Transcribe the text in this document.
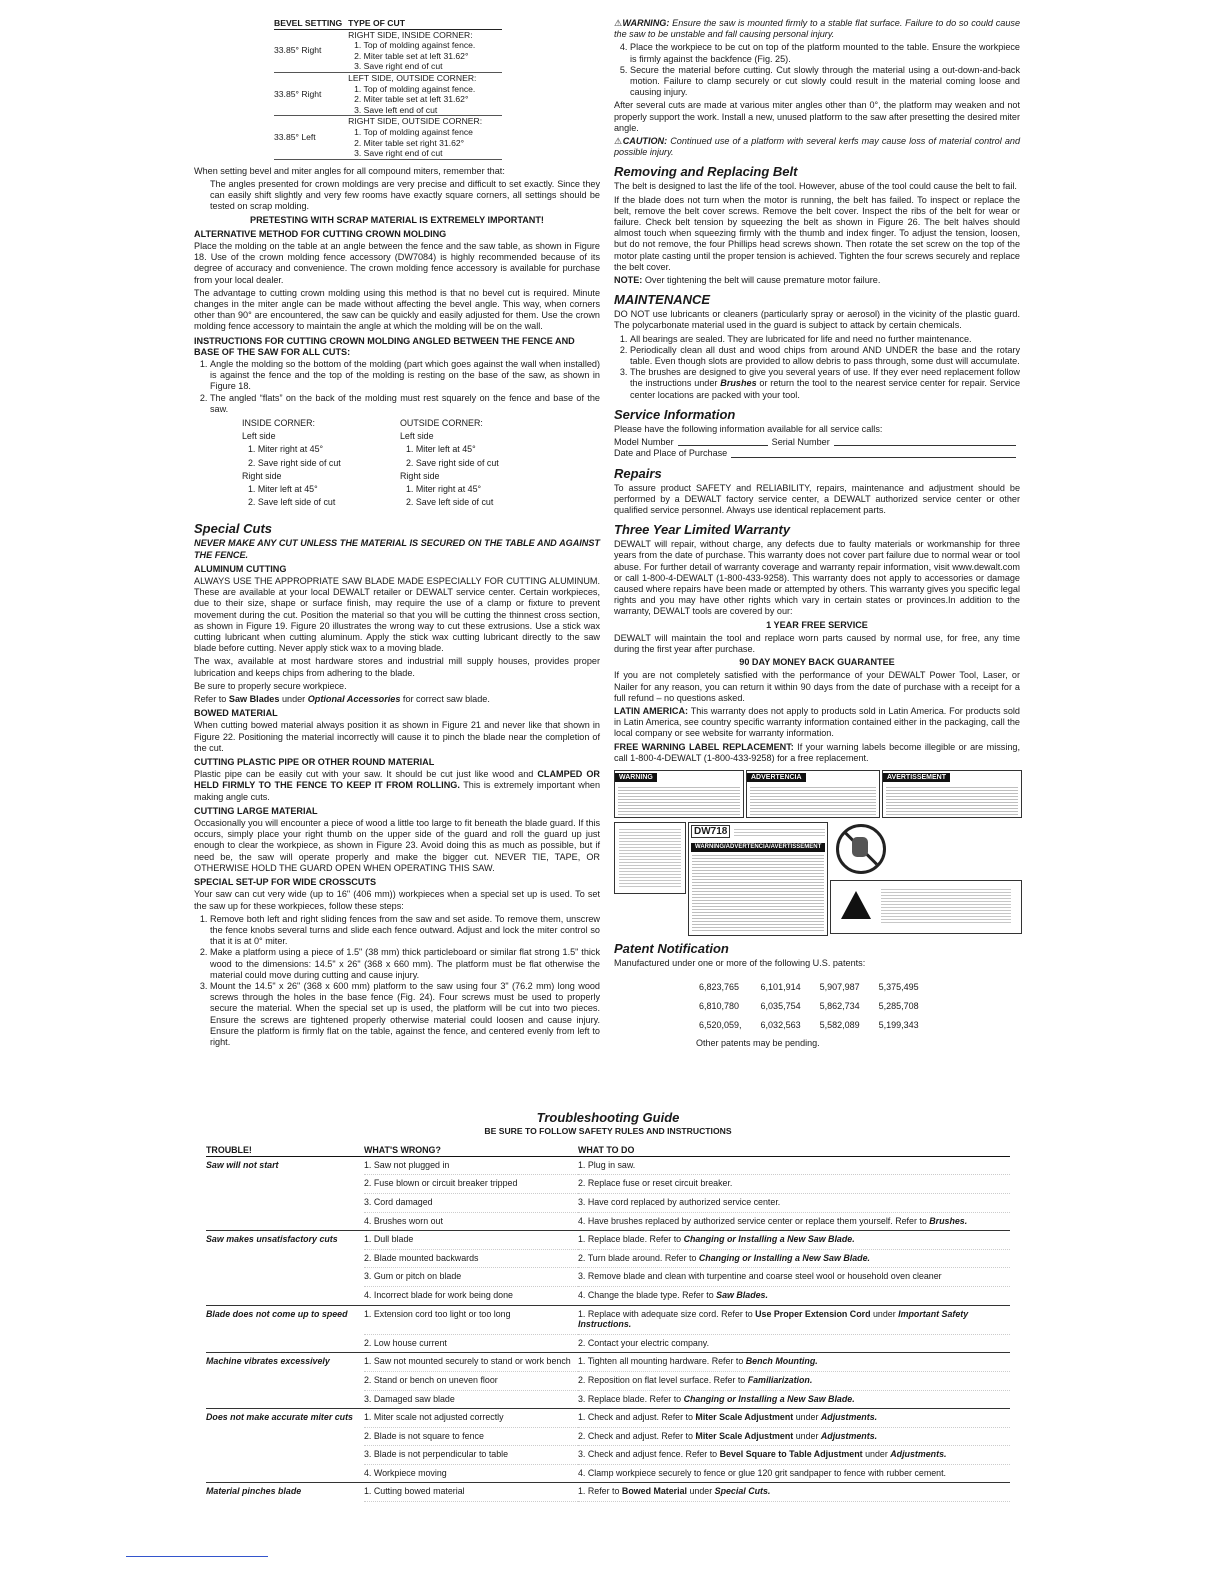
BEVEL SETTING	TYPE OF CUT
33.85° Right	RIGHT SIDE, INSIDE CORNER:
1. Top of molding against fence.
2. Miter table set at left 31.62°
3. Save right end of cut

33.85° Right	LEFT SIDE, OUTSIDE CORNER:
1. Top of molding against fence.
2. Miter table set at left 31.62°
3. Save left end of cut

33.85° Left	RIGHT SIDE, OUTSIDE CORNER:
1. Top of molding against fence
2. Miter table set right 31.62°
3. Save right end of cut

When setting bevel and miter angles for all compound miters, remember that:

The angles presented for crown moldings are very precise and difficult to set exactly. Since they can easily shift slightly and very few rooms have exactly square corners, all settings should be tested on scrap molding.

PRETESTING WITH SCRAP MATERIAL IS EXTREMELY IMPORTANT!

ALTERNATIVE METHOD FOR CUTTING CROWN MOLDING

Place the molding on the table at an angle between the fence and the saw table, as shown in Figure 18. Use of the crown molding fence accessory (DW7084) is highly recommended because of its degree of accuracy and convenience. The crown molding fence accessory is available for purchase from your local dealer.

The advantage to cutting crown molding using this method is that no bevel cut is required. Minute changes in the miter angle can be made without affecting the bevel angle. This way, when corners other than 90° are encountered, the saw can be quickly and easily adjusted for them. Use the crown molding fence accessory to maintain the angle at which the molding will be on the wall.

INSTRUCTIONS FOR CUTTING CROWN MOLDING ANGLED BETWEEN THE FENCE AND BASE OF THE SAW FOR ALL CUTS:
1. Angle the molding so the bottom of the molding (part which goes against the wall when installed) is against the fence and the top of the molding is resting on the base of the saw, as shown in Figure 18.
2. The angled “flats” on the back of the molding must rest squarely on the fence and base of the saw.
INSIDE CORNER:
Left side
1. Miter right at 45°
2. Save right side of cut
Right side
1. Miter left at 45°
2. Save left side of cut
OUTSIDE CORNER:
Left side
1. Miter left at 45°
2. Save right side of cut
Right side
1. Miter right at 45°
2. Save left side of cut
Special Cuts

NEVER MAKE ANY CUT UNLESS THE MATERIAL IS SECURED ON THE TABLE AND AGAINST THE FENCE.

ALUMINUM CUTTING

ALWAYS USE THE APPROPRIATE SAW BLADE MADE ESPECIALLY FOR CUTTING ALUMINUM. These are available at your local DEWALT retailer or DEWALT service center. Certain workpieces, due to their size, shape or surface finish, may require the use of a clamp or fixture to prevent movement during the cut. Position the material so that you will be cutting the thinnest cross section, as shown in Figure 19. Figure 20 illustrates the wrong way to cut these extrusions. Use a stick wax cutting lubricant when cutting aluminum. Apply the stick wax cutting lubricant directly to the saw blade before cutting. Never apply stick wax to a moving blade.

The wax, available at most hardware stores and industrial mill supply houses, provides proper lubrication and keeps chips from adhering to the blade.

Be sure to properly secure workpiece.

Refer to Saw Blades under Optional Accessories for correct saw blade.

BOWED MATERIAL

When cutting bowed material always position it as shown in Figure 21 and never like that shown in Figure 22. Positioning the material incorrectly will cause it to pinch the blade near the completion of the cut.

CUTTING PLASTIC PIPE OR OTHER ROUND MATERIAL

Plastic pipe can be easily cut with your saw. It should be cut just like wood and CLAMPED OR HELD FIRMLY TO THE FENCE TO KEEP IT FROM ROLLING. This is extremely important when making angle cuts.

CUTTING LARGE MATERIAL

Occasionally you will encounter a piece of wood a little too large to fit beneath the blade guard. If this occurs, simply place your right thumb on the upper side of the guard and roll the guard up just enough to clear the workpiece, as shown in Figure 23. Avoid doing this as much as possible, but if need be, the saw will operate properly and make the bigger cut. NEVER TIE, TAPE, OR OTHERWISE HOLD THE GUARD OPEN WHEN OPERATING THIS SAW.

SPECIAL SET-UP FOR WIDE CROSSCUTS

Your saw can cut very wide (up to 16" (406 mm)) workpieces when a special set up is used. To set the saw up for these workpieces, follow these steps:

1. Remove both left and right sliding fences from the saw and set aside. To remove them, unscrew the fence knobs several turns and slide each fence outward. Adjust and lock the miter control so that it is at 0° miter.
2. Make a platform using a piece of 1.5" (38 mm) thick particleboard or similar flat strong 1.5" thick wood to the dimensions: 14.5" x 26" (368 x 660 mm). The platform must be flat otherwise the material could move during cutting and cause injury.
3. Mount the 14.5" x 26" (368 x 600 mm) platform to the saw using four 3" (76.2 mm) long wood screws through the holes in the base fence (Fig. 24). Four screws must be used to properly secure the material. When the special set up is used, the platform will be cut into two pieces. Ensure the screws are tightened properly otherwise material could loosen and cause injury. Ensure the platform is firmly flat on the table, against the fence, and centered evenly from left to right.

⚠WARNING: Ensure the saw is mounted firmly to a stable flat surface. Failure to do so could cause the saw to be unstable and fall causing personal injury.

4. Place the workpiece to be cut on top of the platform mounted to the table. Ensure the workpiece is firmly against the backfence (Fig. 25).
5. Secure the material before cutting. Cut slowly through the material using a out-down-and-back motion. Failure to clamp securely or cut slowly could result in the material coming loose and causing injury.

After several cuts are made at various miter angles other than 0°, the platform may weaken and not properly support the work. Install a new, unused platform to the saw after presetting the desired miter angle.

⚠CAUTION: Continued use of a platform with several kerfs may cause loss of material control and possible injury.

Removing and Replacing Belt

The belt is designed to last the life of the tool. However, abuse of the tool could cause the belt to fail.

If the blade does not turn when the motor is running, the belt has failed. To inspect or replace the belt, remove the belt cover screws. Remove the belt cover. Inspect the ribs of the belt for wear or failure. Check belt tension by squeezing the belt as shown in Figure 26. The belt halves should almost touch when squeezing firmly with the thumb and index finger. To adjust the tension, loosen, but do not remove, the four Phillips head screws shown. Then rotate the set screw on the top of the motor plate casting until the proper tension is achieved. Tighten the four screws securely and replace the belt cover.

NOTE: Over tightening the belt will cause premature motor failure.

MAINTENANCE

DO NOT use lubricants or cleaners (particularly spray or aerosol) in the vicinity of the plastic guard. The polycarbonate material used in the guard is subject to attack by certain chemicals.

1. All bearings are sealed. They are lubricated for life and need no further maintenance.
2. Periodically clean all dust and wood chips from around AND UNDER the base and the rotary table. Even though slots are provided to allow debris to pass through, some dust will accumulate.
3. The brushes are designed to give you several years of use. If they ever need replacement follow the instructions under Brushes or return the tool to the nearest service center for repair. Service center locations are packed with your tool.
Service Information

Please have the following information available for all service calls:

Model Number	Serial Number
Date and Place of Purchase
Repairs

To assure product SAFETY and RELIABILITY, repairs, maintenance and adjustment should be performed by a DEWALT factory service center, a DEWALT authorized service center or other qualified service personnel. Always use identical replacement parts.

Three Year Limited Warranty

DEWALT will repair, without charge, any defects due to faulty materials or workmanship for three years from the date of purchase. This warranty does not cover part failure due to normal wear or tool abuse. For further detail of warranty coverage and warranty repair information, visit www.dewalt.com or call 1-800-4-DEWALT (1-800-433-9258). This warranty does not apply to accessories or damage caused where repairs have been made or attempted by others. This warranty gives you specific legal rights and you may have other rights which vary in certain states or provinces.In addition to the warranty, DEWALT tools are covered by our:

1 YEAR FREE SERVICE

DEWALT will maintain the tool and replace worn parts caused by normal use, for free, any time during the first year after purchase.

90 DAY MONEY BACK GUARANTEE

If you are not completely satisfied with the performance of your DEWALT Power Tool, Laser, or Nailer for any reason, you can return it within 90 days from the date of purchase with a receipt for a full refund – no questions asked.

LATIN AMERICA: This warranty does not apply to products sold in Latin America. For products sold in Latin America, see country specific warranty information contained either in the packaging, call the local company or see website for warranty information.

FREE WARNING LABEL REPLACEMENT: If your warning labels become illegible or are missing, call 1-800-4-DEWALT (1-800-433-9258) for a free replacement.

WARNING	ADVERTENCIA	AVERTISSEMENT
DW718
WARNING/ADVERTENCIA/AVERTISSEMENT
Patent Notification

Manufactured under one or more of the following U.S. patents:

6,823,765	6,101,914	5,907,987	5,375,495
6,810,780	6,035,754	5,862,734	5,285,708
6,520,059,	6,032,563	5,582,089	5,199,343
Other patents may be pending.
Troubleshooting Guide
BE SURE TO FOLLOW SAFETY RULES AND INSTRUCTIONS
TROUBLE!	WHAT'S WRONG?	WHAT TO DO
Saw will not start	1. Saw not plugged in	1. Plug in saw.
	2. Fuse blown or circuit breaker tripped	2. Replace fuse or reset circuit breaker.
	3. Cord damaged	3. Have cord replaced by authorized service center.
	4. Brushes worn out	4. Have brushes replaced by authorized service center or replace them yourself. Refer to Brushes.
Saw makes unsatisfactory cuts	1. Dull blade	1. Replace blade. Refer to Changing or Installing a New Saw Blade.
	2. Blade mounted backwards	2. Turn blade around. Refer to Changing or Installing a New Saw Blade.
	3. Gum or pitch on blade	3. Remove blade and clean with turpentine and coarse steel wool or household oven cleaner
	4. Incorrect blade for work being done	4. Change the blade type. Refer to Saw Blades.
Blade does not come up to speed	1. Extension cord too light or too long	1. Replace with adequate size cord. Refer to Use Proper Extension Cord under Important Safety Instructions.
	2. Low house current	2. Contact your electric company.
Machine vibrates excessively	1. Saw not mounted securely to stand or work bench	1. Tighten all mounting hardware. Refer to Bench Mounting.
	2. Stand or bench on uneven floor	2. Reposition on flat level surface. Refer to Familiarization.
	3. Damaged saw blade	3. Replace blade. Refer to Changing or Installing a New Saw Blade.
Does not make accurate miter cuts	1. Miter scale not adjusted correctly	1. Check and adjust. Refer to Miter Scale Adjustment under Adjustments.
	2. Blade is not square to fence	2. Check and adjust. Refer to Miter Scale Adjustment under Adjustments.
	3. Blade is not perpendicular to table	3. Check and adjust fence. Refer to Bevel Square to Table Adjustment under Adjustments.
	4. Workpiece moving	4. Clamp workpiece securely to fence or glue 120 grit sandpaper to fence with rubber cement.
Material pinches blade	1. Cutting bowed material	1. Refer to Bowed Material under Special Cuts.
